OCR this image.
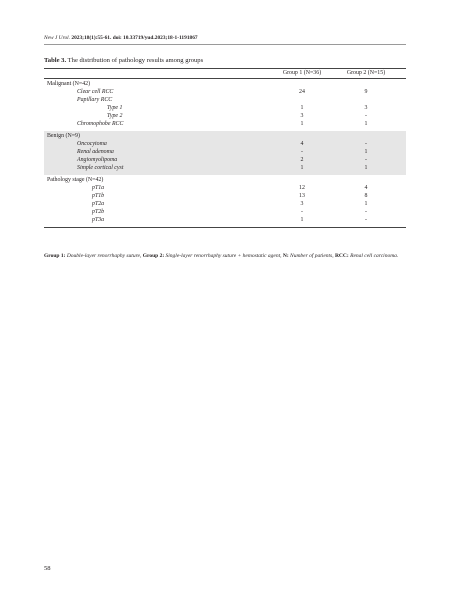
New J Urol. 2023;18(1):55-61. doi: 10.33719/yud.2023;18-1-1191867
Table 3. The distribution of pathology results among groups
Group 1 (N=36)	Group 2 (N=15)
Malignant (N=42)
Clear cell RCC	24	9
Papillary RCC
Type 1	1	3
Type 2	3	-
Chromophobe RCC	1	1
Benign (N=9)
Oncocytoma	4	-
Renal adenoma	-	1
Angiomyolipoma	2	-
Simple cortical cyst	1	1
Pathology stage (N=42)
pT1a	12	4
pT1b	13	8
pT2a	3	1
pT2b	-	-
pT3a	1	-
Group 1: Double-layer renorrhaphy suture, Group 2: Single-layer renorrhaphy suture + hemostatic agent, N: Number of patients, RCC: Renal cell carcinoma.
58
